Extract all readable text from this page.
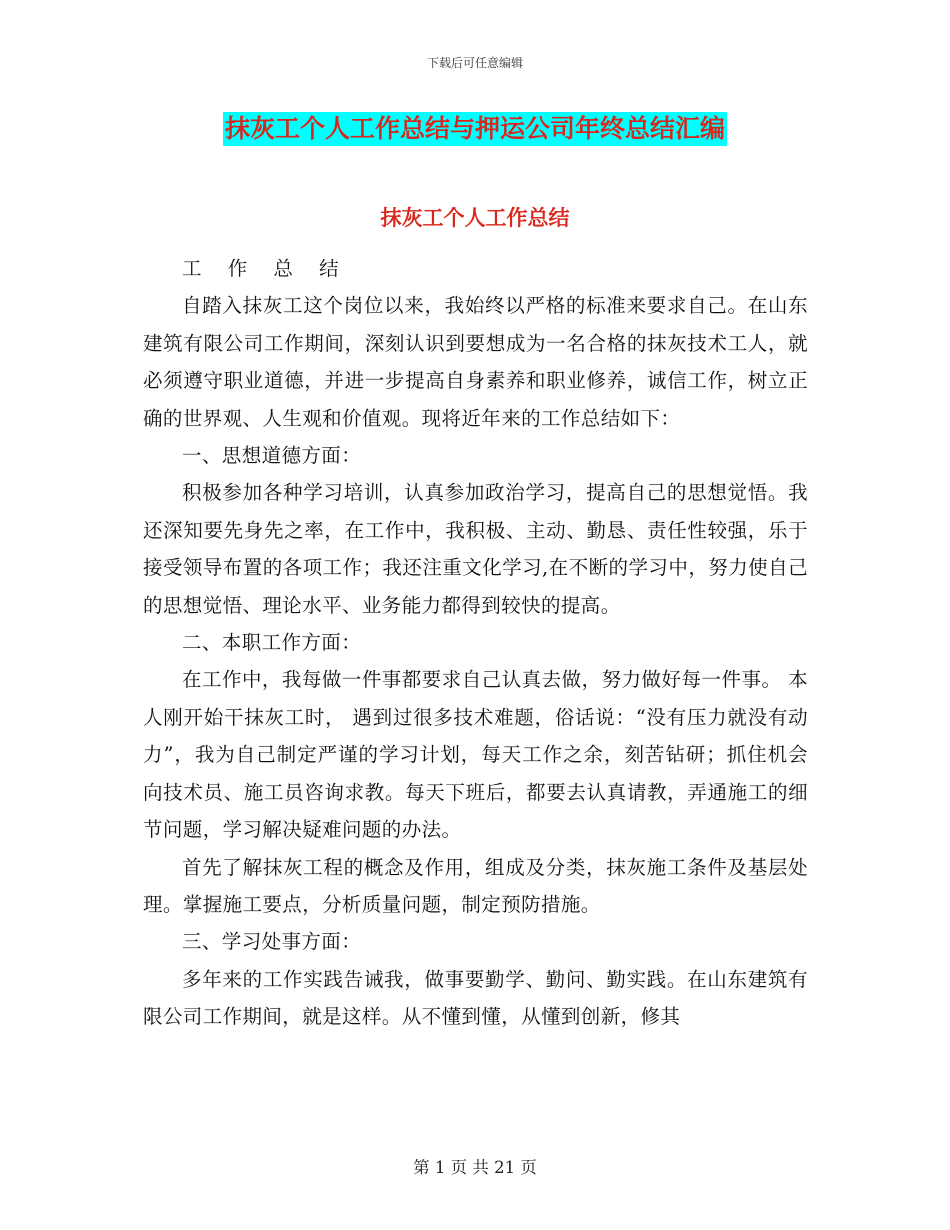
下载后可任意编辑
抹灰工个人工作总结与押运公司年终总结汇编
抹灰工个人工作总结

工 作 总 结

自踏入抹灰工这个岗位以来，我始终以严格的标准来要求自己。在山东建筑有限公司工作期间，深刻认识到要想成为一名合格的抹灰技术工人，就必须遵守职业道德，并进一步提高自身素养和职业修养，诚信工作，树立正确的世界观、人生观和价值观。现将近年来的工作总结如下：

一、思想道德方面：

积极参加各种学习培训，认真参加政治学习，提高自己的思想觉悟。我还深知要先身先之率，在工作中，我积极、主动、勤恳、责任性较强，乐于接受领导布置的各项工作；我还注重文化学习,在不断的学习中，努力使自己的思想觉悟、理论水平、业务能力都得到较快的提高。

二、本职工作方面：

在工作中，我每做一件事都要求自己认真去做，努力做好每一件事。 本人刚开始干抹灰工时， 遇到过很多技术难题，俗话说：“没有压力就没有动力”，我为自己制定严谨的学习计划，每天工作之余，刻苦钻研；抓住机会向技术员、施工员咨询求教。每天下班后，都要去认真请教，弄通施工的细节问题，学习解决疑难问题的办法。

首先了解抹灰工程的概念及作用，组成及分类，抹灰施工条件及基层处理。掌握施工要点，分析质量问题，制定预防措施。

三、学习处事方面：

多年来的工作实践告诫我，做事要勤学、勤问、勤实践。在山东建筑有限公司工作期间，就是这样。从不懂到懂，从懂到创新，修其

第 1 页 共 21 页
